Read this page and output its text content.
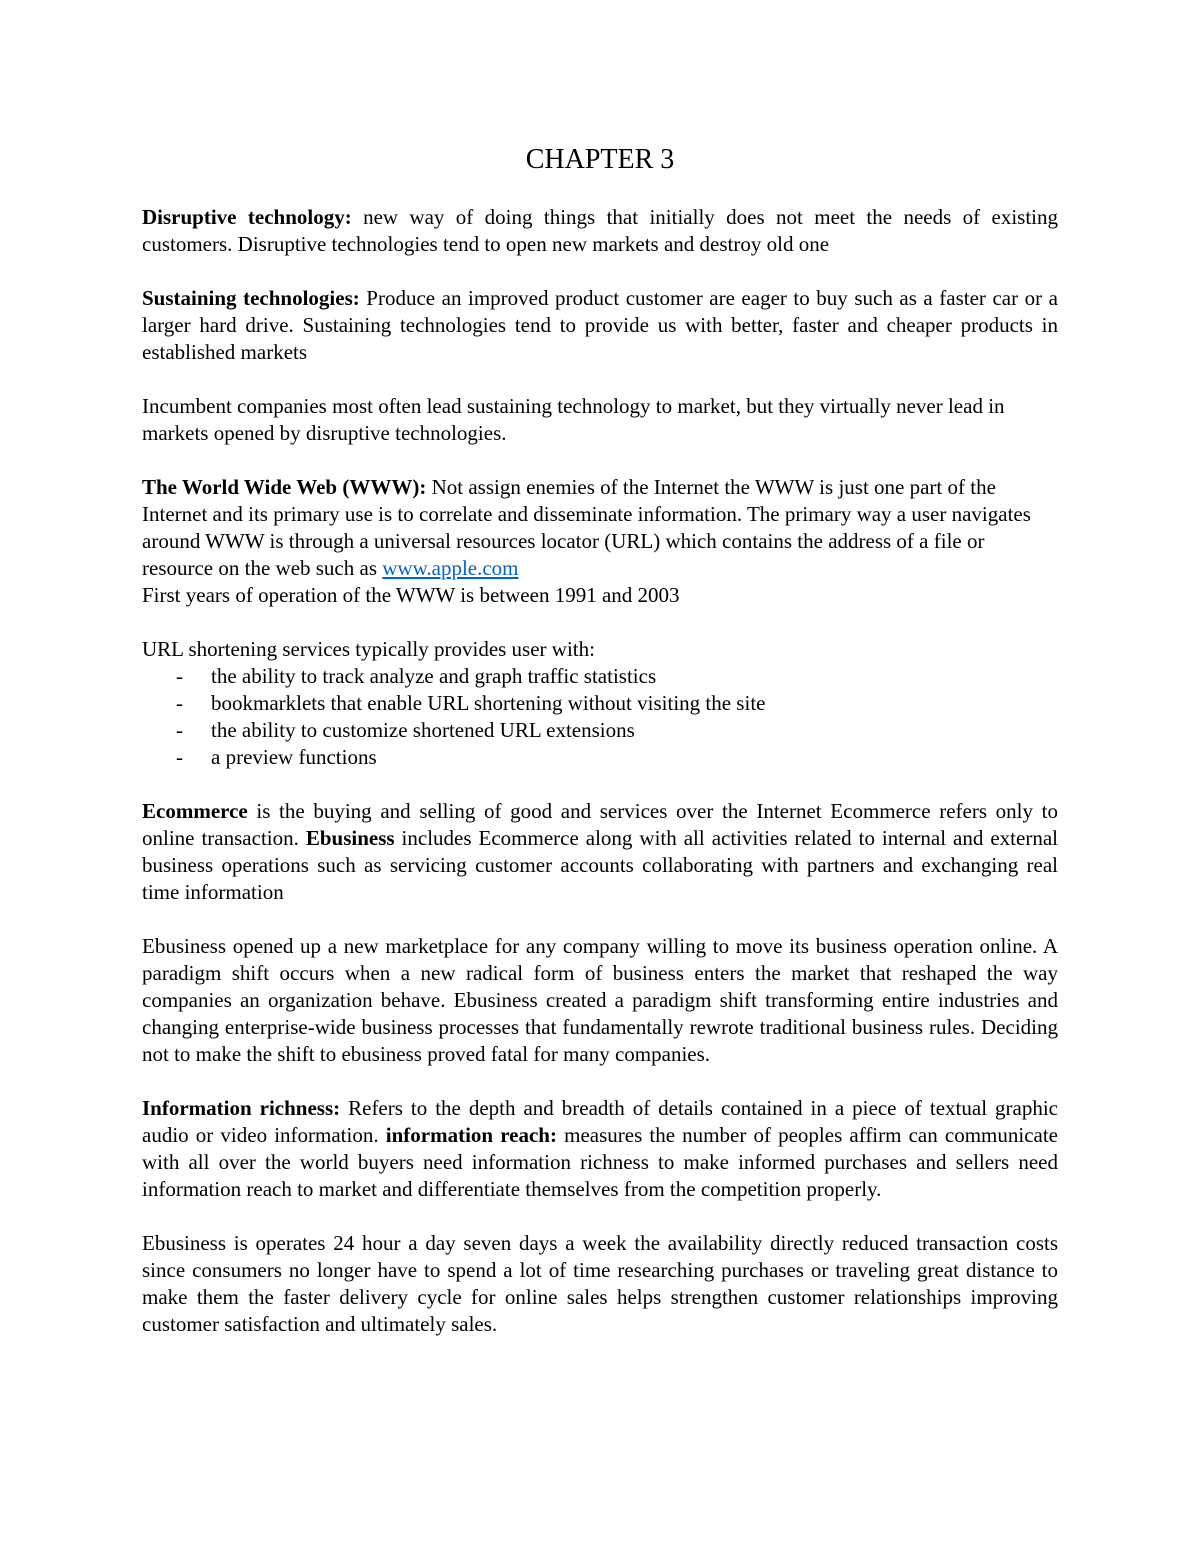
CHAPTER 3

Disruptive technology: new way of doing things that initially does not meet the needs of existing customers. Disruptive technologies tend to open new markets and destroy old one

Sustaining technologies: Produce an improved product customer are eager to buy such as a faster car or a larger hard drive. Sustaining technologies tend to provide us with better, faster and cheaper products in established markets

Incumbent companies most often lead sustaining technology to market, but they virtually never lead in markets opened by disruptive technologies.

The World Wide Web (WWW): Not assign enemies of the Internet the WWW is just one part of the Internet and its primary use is to correlate and disseminate information. The primary way a user navigates around WWW is through a universal resources locator (URL) which contains the address of a file or resource on the web such as www.apple.com

First years of operation of the WWW is between 1991 and 2003

URL shortening services typically provides user with:

- the ability to track analyze and graph traffic statistics
- bookmarklets that enable URL shortening without visiting the site
- the ability to customize shortened URL extensions
- a preview functions

Ecommerce is the buying and selling of good and services over the Internet Ecommerce refers only to online transaction. Ebusiness includes Ecommerce along with all activities related to internal and external business operations such as servicing customer accounts collaborating with partners and exchanging real time information

Ebusiness opened up a new marketplace for any company willing to move its business operation online. A paradigm shift occurs when a new radical form of business enters the market that reshaped the way companies an organization behave. Ebusiness created a paradigm shift transforming entire industries and changing enterprise-wide business processes that fundamentally rewrote traditional business rules. Deciding not to make the shift to ebusiness proved fatal for many companies.

Information richness: Refers to the depth and breadth of details contained in a piece of textual graphic audio or video information. information reach: measures the number of peoples affirm can communicate with all over the world buyers need information richness to make informed purchases and sellers need information reach to market and differentiate themselves from the competition properly.

Ebusiness is operates 24 hour a day seven days a week the availability directly reduced transaction costs since consumers no longer have to spend a lot of time researching purchases or traveling great distance to make them the faster delivery cycle for online sales helps strengthen customer relationships improving customer satisfaction and ultimately sales.
